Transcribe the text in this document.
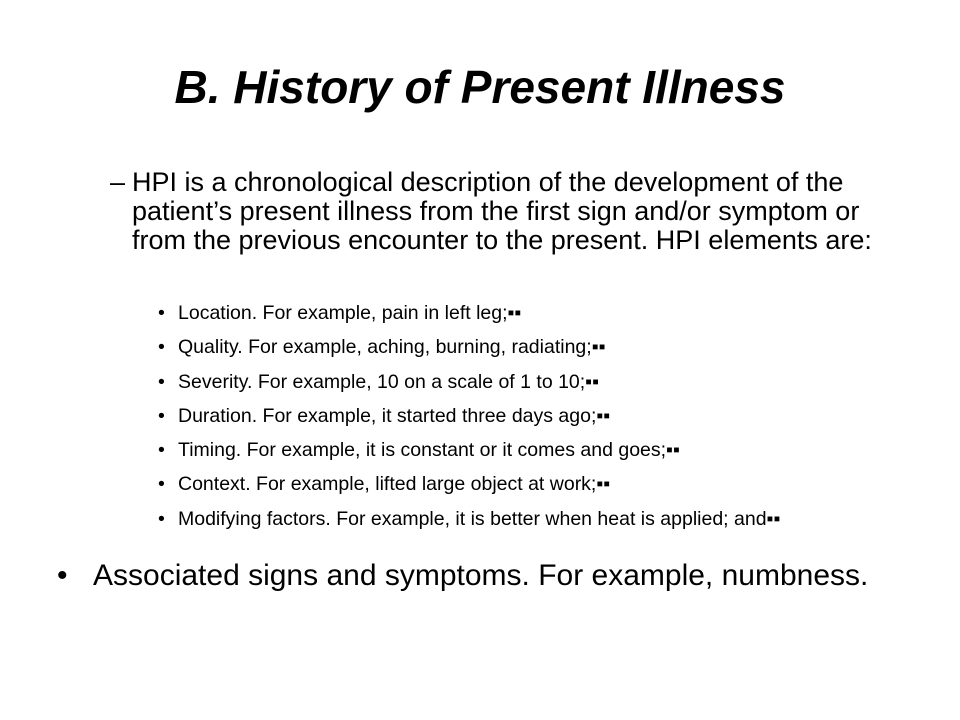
B. History of Present Illness
– HPI is a chronological description of the development of the patient’s present illness from the first sign and/or symptom or from the previous encounter to the present. HPI elements are:
• Location. For example, pain in left leg;▪▪
• Quality. For example, aching, burning, radiating;▪▪
• Severity. For example, 10 on a scale of 1 to 10;▪▪
• Duration. For example, it started three days ago;▪▪
• Timing. For example, it is constant or it comes and goes;▪▪
• Context. For example, lifted large object at work;▪▪
• Modifying factors. For example, it is better when heat is applied; and▪▪
• Associated signs and symptoms. For example, numbness.
